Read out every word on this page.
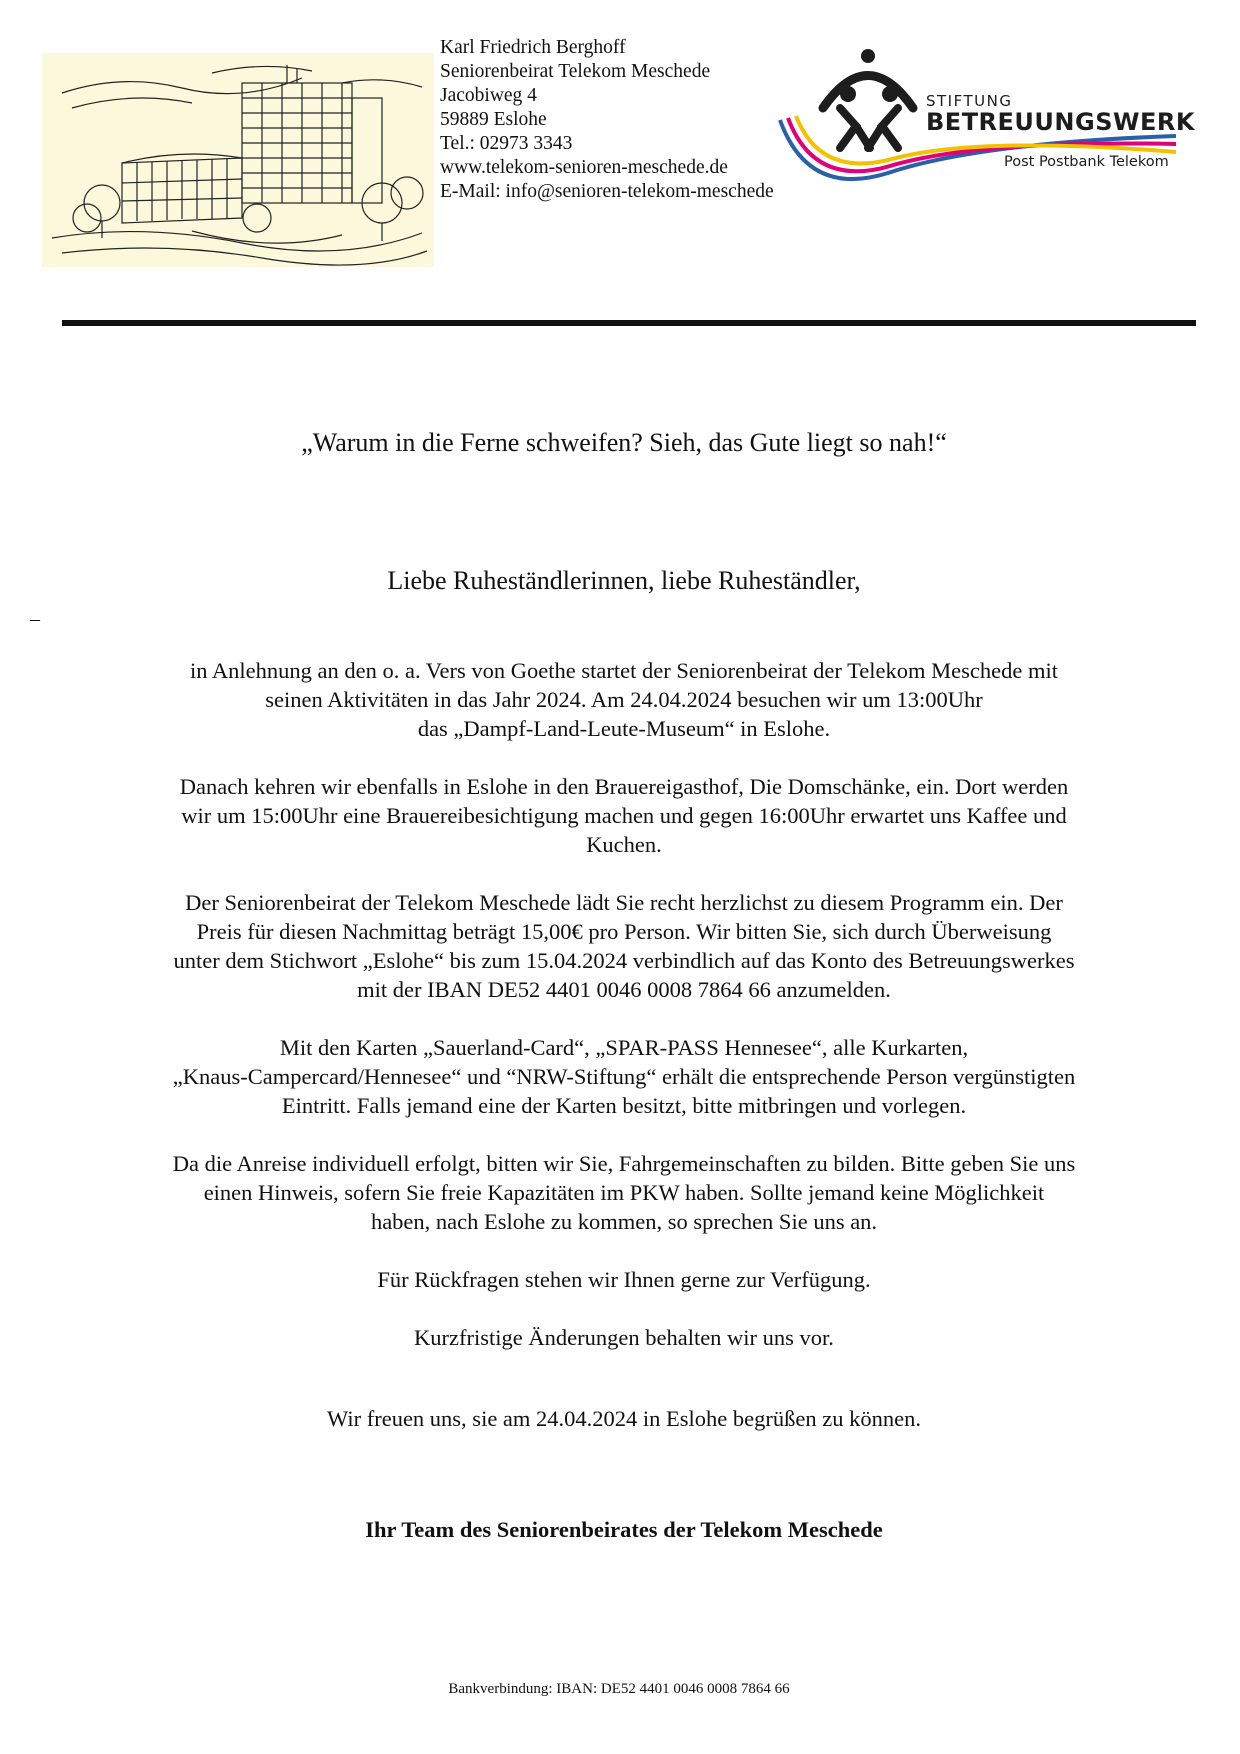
Karl Friedrich Berghoff
Seniorenbeirat Telekom Meschede
Jacobiweg 4
59889 Eslohe
Tel.: 02973 3343
www.telekom-senioren-meschede.de
E-Mail: info@senioren-telekom-meschede
STIFTUNG
BETREUUNGSWERK
Post Postbank Telekom
„Warum in die Ferne schweifen? Sieh, das Gute liegt so nah!“
Liebe Ruheständlerinnen, liebe Ruheständler,
–

in Anlehnung an den o. a. Vers von Goethe startet der Seniorenbeirat der Telekom Meschede mit
seinen Aktivitäten in das Jahr 2024. Am 24.04.2024 besuchen wir um 13:00Uhr
das „Dampf-Land-Leute-Museum“ in Eslohe.

Danach kehren wir ebenfalls in Eslohe in den Brauereigasthof, Die Domschänke, ein. Dort werden
wir um 15:00Uhr eine Brauereibesichtigung machen und gegen 16:00Uhr erwartet uns Kaffee und
Kuchen.

Der Seniorenbeirat der Telekom Meschede lädt Sie recht herzlichst zu diesem Programm ein. Der
Preis für diesen Nachmittag beträgt 15,00€ pro Person. Wir bitten Sie, sich durch Überweisung
unter dem Stichwort „Eslohe“ bis zum 15.04.2024 verbindlich auf das Konto des Betreuungswerkes
mit der IBAN DE52 4401 0046 0008 7864 66 anzumelden.

Mit den Karten „Sauerland-Card“, „SPAR-PASS Hennesee“, alle Kurkarten,
„Knaus-Campercard/Hennesee“ und “NRW-Stiftung“ erhält die entsprechende Person vergünstigten
Eintritt. Falls jemand eine der Karten besitzt, bitte mitbringen und vorlegen.

Da die Anreise individuell erfolgt, bitten wir Sie, Fahrgemeinschaften zu bilden. Bitte geben Sie uns
einen Hinweis, sofern Sie freie Kapazitäten im PKW haben. Sollte jemand keine Möglichkeit
haben, nach Eslohe zu kommen, so sprechen Sie uns an.

Für Rückfragen stehen wir Ihnen gerne zur Verfügung.

Kurzfristige Änderungen behalten wir uns vor.

Wir freuen uns, sie am 24.04.2024 in Eslohe begrüßen zu können.
Ihr Team des Seniorenbeirates der Telekom Meschede
Bankverbindung: IBAN: DE52 4401 0046 0008 7864 66
